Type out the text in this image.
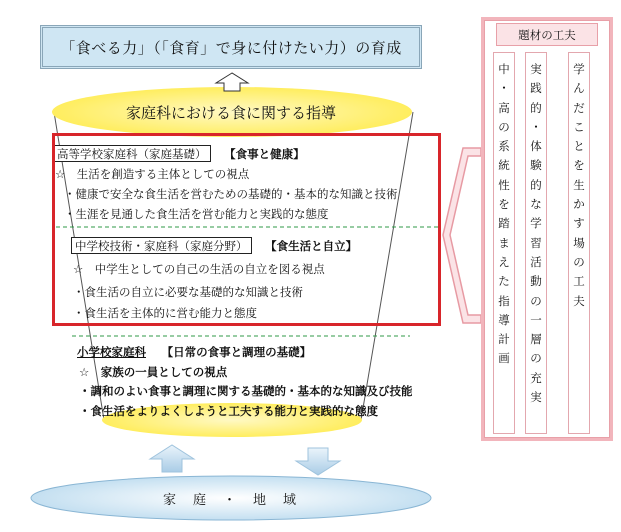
「食べる力」（「食育」で身に付けたい力）の育成
家庭科における食に関する指導
高等学校家庭科（家庭基礎） 【食事と健康】
☆　生活を創造する主体としての視点
・健康で安全な食生活を営むための基礎的・基本的な知識と技術
・生涯を見通した食生活を営む能力と実践的な態度
中学校技術・家庭科（家庭分野） 【食生活と自立】
☆　中学生としての自己の生活の自立を図る視点
・食生活の自立に必要な基礎的な知識と技術
・食生活を主体的に営む能力と態度
小学校家庭科 【日常の食事と調理の基礎】
☆　家族の一員としての視点
・調和のよい食事と調理に関する基礎的・基本的な知識及び技能
・食生活をよりよくしようと工夫する能力と実践的な態度
家　庭　・　地　域
題材の工夫
中
・
高
の
系
統
性
を
踏
ま
え
た
指
導
計
画
実
践
的
・
体
験
的
な
学
習
活
動
の
一
層
の
充
実
学
ん
だ
こ
と
を
生
か
す
場
の
工
夫
